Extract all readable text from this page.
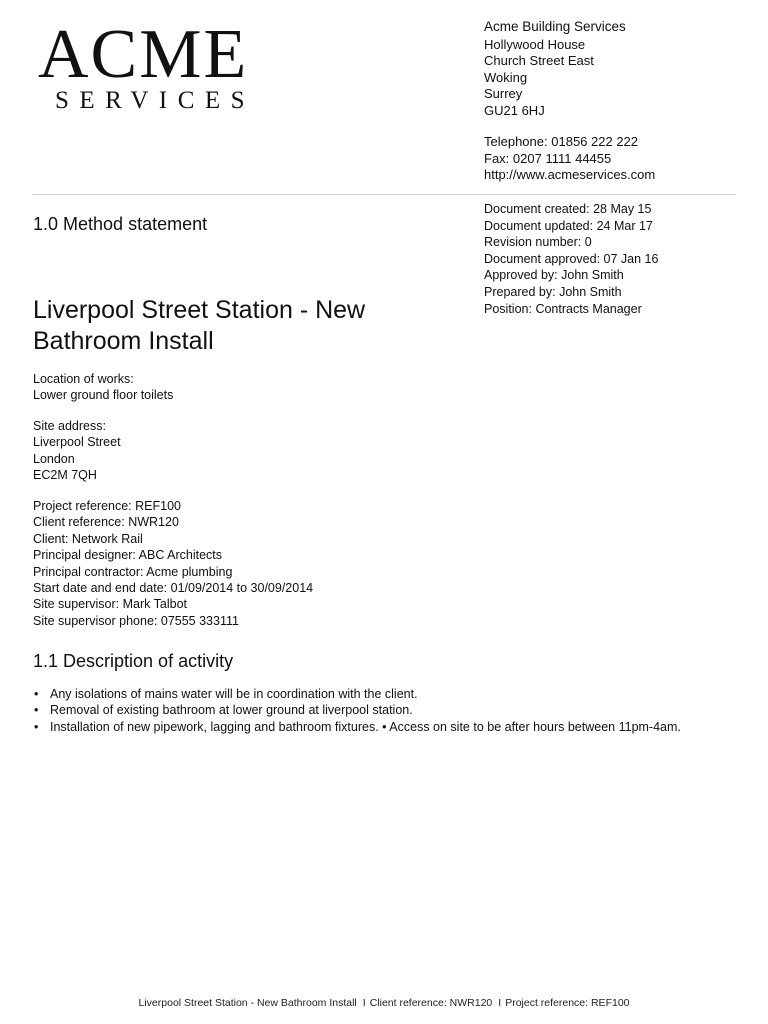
ACME
SERVICES
Acme Building Services
Hollywood House
Church Street East
Woking
Surrey
GU21 6HJ
Telephone: 01856 222 222
Fax: 0207 1111 44455
http://www.acmeservices.com
1.0 Method statement
Document created: 28 May 15
Document updated: 24 Mar 17
Revision number: 0
Document approved: 07 Jan 16
Approved by: John Smith
Prepared by: John Smith
Position: Contracts Manager
Liverpool Street Station - New Bathroom Install
Location of works:
Lower ground floor toilets
Site address:
Liverpool Street
London
EC2M 7QH
Project reference: REF100
Client reference: NWR120
Client: Network Rail
Principal designer: ABC Architects
Principal contractor: Acme plumbing
Start date and end date: 01/09/2014 to 30/09/2014
Site supervisor: Mark Talbot
Site supervisor phone: 07555 333111
1.1 Description of activity
• Any isolations of mains water will be in coordination with the client.
• Removal of existing bathroom at lower ground at liverpool station.
• Installation of new pipework, lagging and bathroom fixtures. • Access on site to be after hours between 11pm-4am.
Liverpool Street Station - New Bathroom Install I Client reference: NWR120 I Project reference: REF100
